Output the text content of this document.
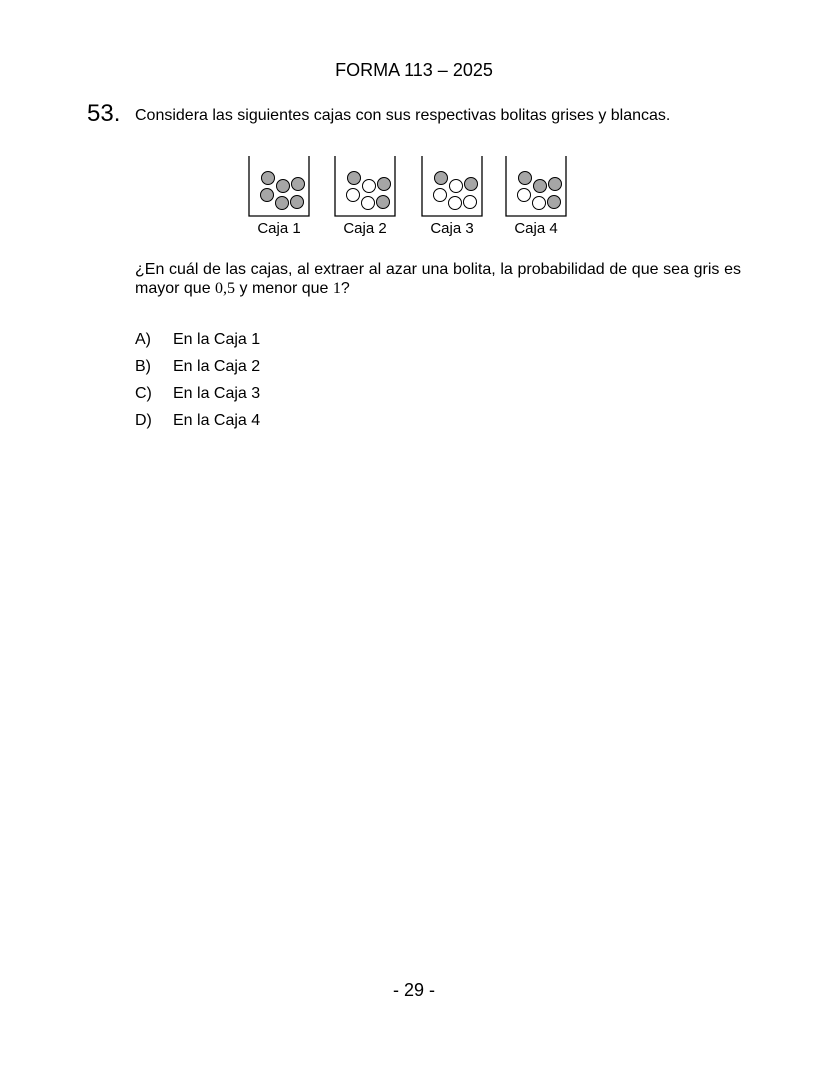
FORMA 113 – 2025
53. Considera las siguientes cajas con sus respectivas bolitas grises y blancas.
Caja 1	Caja 2	Caja 3	Caja 4
¿En cuál de las cajas, al extraer al azar una bolita, la probabilidad de que sea gris es mayor que 0,5 y menor que 1?
A)	En la Caja 1
B)	En la Caja 2
C)	En la Caja 3
D)	En la Caja 4
- 29 -
